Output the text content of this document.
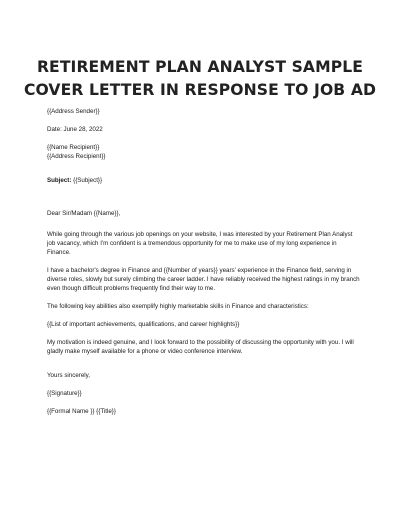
RETIREMENT PLAN ANALYST SAMPLE
COVER LETTER IN RESPONSE TO JOB AD

{{Address Sender}}

Date: June 28, 2022

{{Name Recipient}}

{{Address Recipient}}

Subject: {{Subject}}

Dear Sir/Madam {{Name}},

While going through the various job openings on your website, I was interested by your Retirement Plan Analyst job vacancy, which I'm confident is a tremendous opportunity for me to make use of my long experience in Finance.

I have a bachelor's degree in Finance and {{Number of years}} years' experience in the Finance field, serving in diverse roles, slowly but surely climbing the career ladder. I have reliably received the highest ratings in my branch even though difficult problems frequently find their way to me.

The following key abilities also exemplify highly marketable skills in Finance and characteristics:

{{List of important achievements, qualifications, and career highlights}}

My motivation is indeed genuine, and I look forward to the possibility of discussing the opportunity with you. I will gladly make myself available for a phone or video conference interview.

Yours sincerely,

{{Signature}}

{{Formal Name }} {{Title}}
